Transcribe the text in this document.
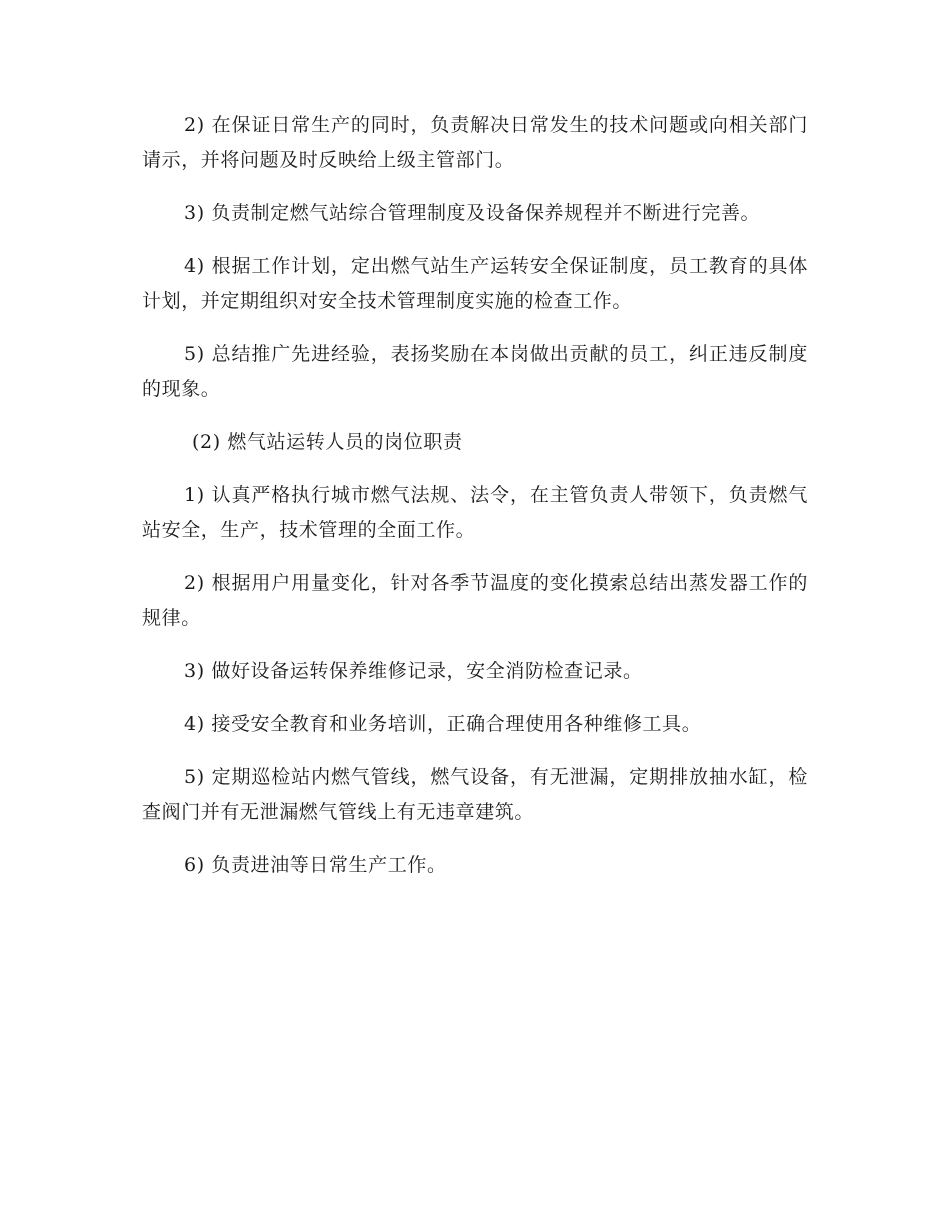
2) 在保证日常生产的同时，负责解决日常发生的技术问题或向相关部门请示，并将问题及时反映给上级主管部门。

3) 负责制定燃气站综合管理制度及设备保养规程并不断进行完善。

4) 根据工作计划，定出燃气站生产运转安全保证制度，员工教育的具体计划，并定期组织对安全技术管理制度实施的检查工作。

5) 总结推广先进经验，表扬奖励在本岗做出贡献的员工，纠正违反制度的现象。

(2) 燃气站运转人员的岗位职责

1) 认真严格执行城市燃气法规、法令，在主管负责人带领下，负责燃气站安全，生产，技术管理的全面工作。

2) 根据用户用量变化，针对各季节温度的变化摸索总结出蒸发器工作的规律。

3) 做好设备运转保养维修记录，安全消防检查记录。

4) 接受安全教育和业务培训，正确合理使用各种维修工具。

5) 定期巡检站内燃气管线，燃气设备，有无泄漏，定期排放抽水缸，检查阀门并有无泄漏燃气管线上有无违章建筑。

6) 负责进油等日常生产工作。
